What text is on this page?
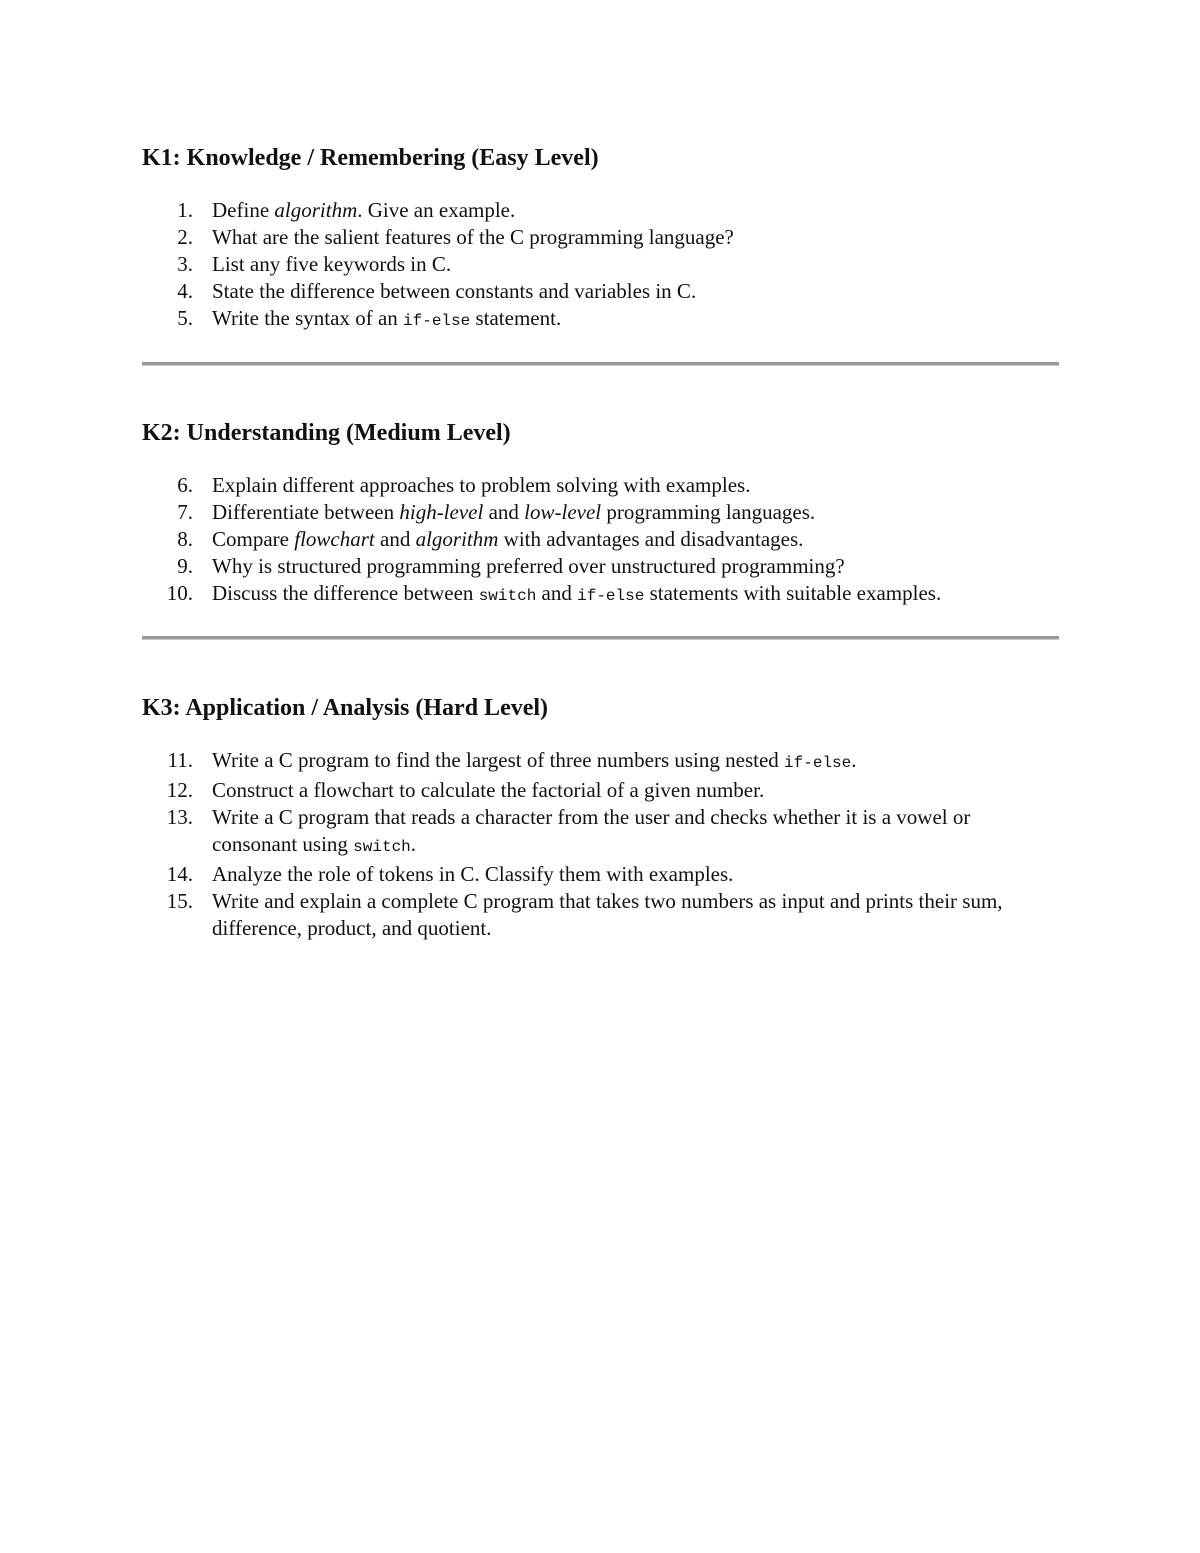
K1: Knowledge / Remembering (Easy Level)
1. Define algorithm. Give an example.
2. What are the salient features of the C programming language?
3. List any five keywords in C.
4. State the difference between constants and variables in C.
5. Write the syntax of an if-else statement.
K2: Understanding (Medium Level)
6. Explain different approaches to problem solving with examples.
7. Differentiate between high-level and low-level programming languages.
8. Compare flowchart and algorithm with advantages and disadvantages.
9. Why is structured programming preferred over unstructured programming?
10. Discuss the difference between switch and if-else statements with suitable examples.
K3: Application / Analysis (Hard Level)
11. Write a C program to find the largest of three numbers using nested if-else.
12. Construct a flowchart to calculate the factorial of a given number.
13. Write a C program that reads a character from the user and checks whether it is a vowel or consonant using switch.
14. Analyze the role of tokens in C. Classify them with examples.
15. Write and explain a complete C program that takes two numbers as input and prints their sum, difference, product, and quotient.
